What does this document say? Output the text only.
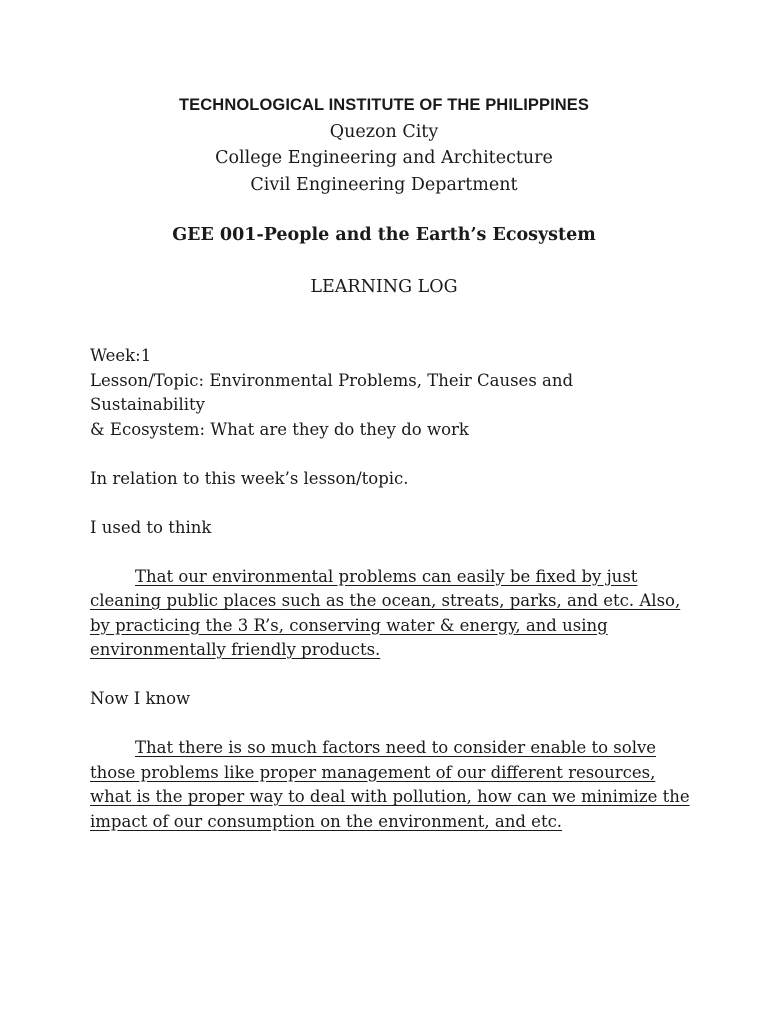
TECHNOLOGICAL INSTITUTE OF THE PHILIPPINES
Quezon City
College Engineering and Architecture
Civil Engineering Department
GEE 001-People and the Earth’s Ecosystem
LEARNING LOG

Week:1

Lesson/Topic: Environmental Problems, Their Causes and Sustainability

& Ecosystem: What are they do they do work

In relation to this week’s lesson/topic.

I used to think

That our environmental problems can easily be fixed by just cleaning public places such as the ocean, streats, parks, and etc. Also, by practicing the 3 R’s, conserving water & energy, and using environmentally friendly products.

Now I know

That there is so much factors need to consider enable to solve those problems like proper management of our different resources, what is the proper way to deal with pollution, how can we minimize the impact of our consumption on the environment, and etc.
